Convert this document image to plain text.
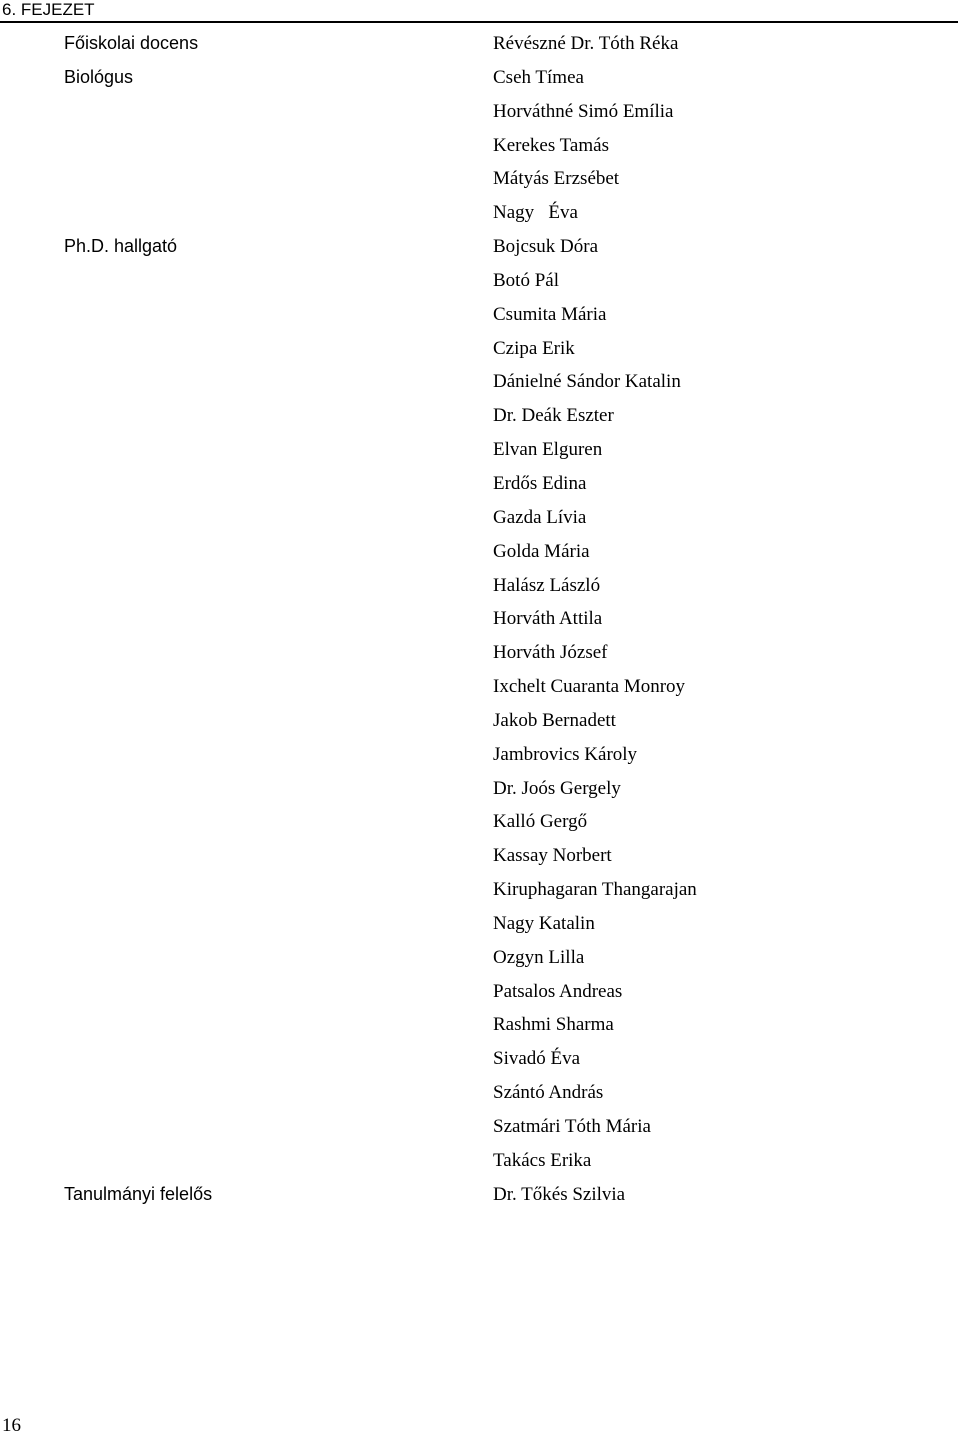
6. FEJEZET
Főiskolai docens	Révészné Dr. Tóth Réka
Biológus	Cseh Tímea
Horváthné Simó Emília
Kerekes Tamás
Mátyás Erzsébet
Nagy   Éva
Ph.D. hallgató	Bojcsuk Dóra
Botó Pál
Csumita Mária
Czipa Erik
Dánielné Sándor Katalin
Dr. Deák Eszter
Elvan Elguren
Erdős Edina
Gazda Lívia
Golda Mária
Halász László
Horváth Attila
Horváth József
Ixchelt Cuaranta Monroy
Jakob Bernadett
Jambrovics Károly
Dr. Joós Gergely
Kalló Gergő
Kassay Norbert
Kiruphagaran Thangarajan
Nagy Katalin
Ozgyn Lilla
Patsalos Andreas
Rashmi Sharma
Sivadó Éva
Szántó András
Szatmári Tóth Mária
Takács Erika
Tanulmányi felelős	Dr. Tőkés Szilvia
16
